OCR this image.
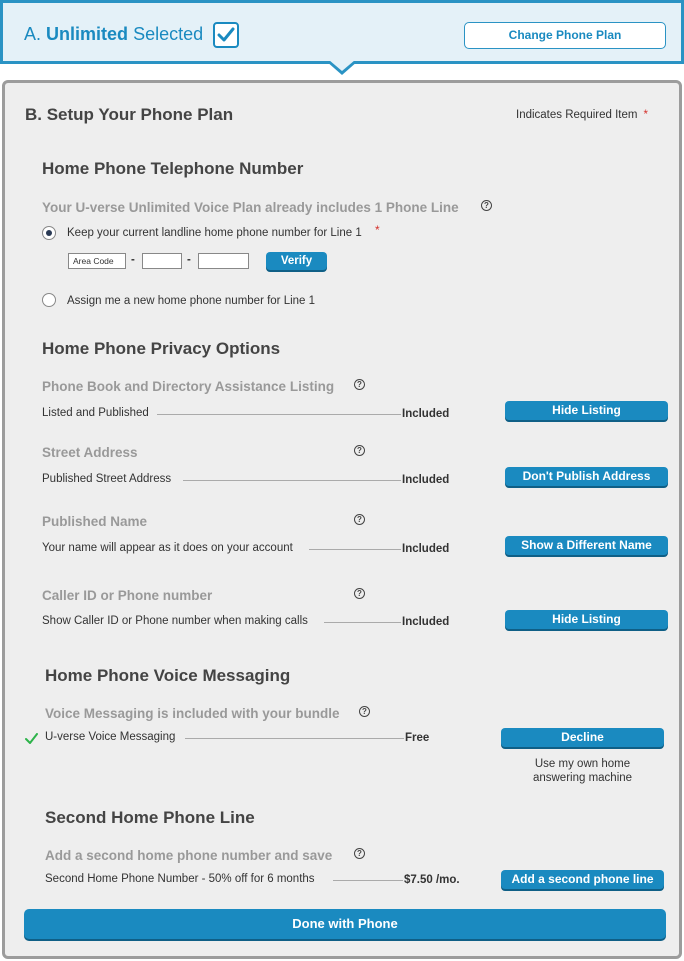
A. Unlimited Selected	Change Phone Plan
B. Setup Your Phone Plan	Indicates Required Item *
Home Phone Telephone Number
Your U-verse Unlimited Voice Plan already includes 1 Phone Line	?
Keep your current landline home phone number for Line 1 *
Area Code	-	-	Verify
Assign me a new home phone number for Line 1
Home Phone Privacy Options
Phone Book and Directory Assistance Listing	?
Listed and Published	Included	Hide Listing
Street Address	?
Published Street Address	Included	Don't Publish Address
Published Name	?
Your name will appear as it does on your account	Included	Show a Different Name
Caller ID or Phone number	?
Show Caller ID or Phone number when making calls	Included	Hide Listing
Home Phone Voice Messaging
Voice Messaging is included with your bundle	?
U-verse Voice Messaging	Free	Decline
Use my own home
answering machine
Second Home Phone Line
Add a second home phone number and save	?
Second Home Phone Number - 50% off for 6 months	$7.50 /mo.	Add a second phone line
Done with Phone
